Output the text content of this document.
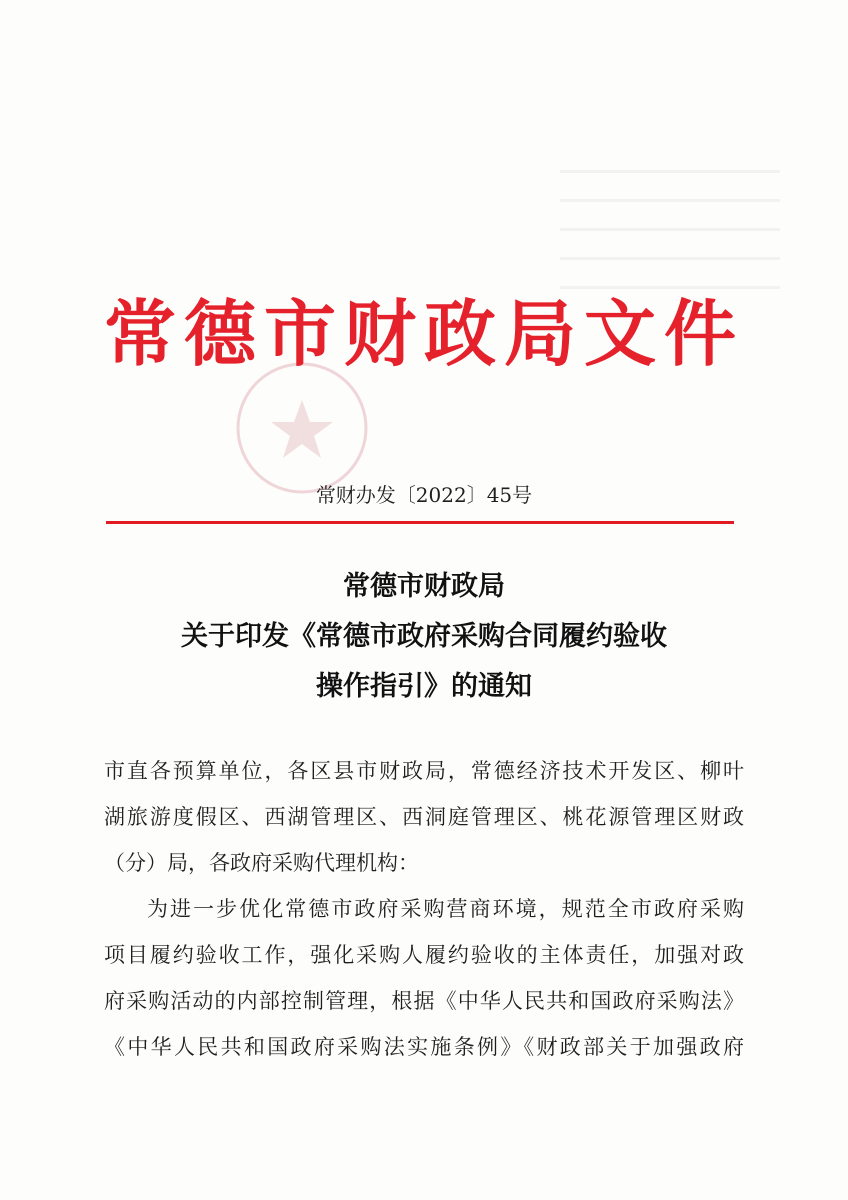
常德市财政局文件
常财办发〔2022〕45号
常德市财政局
关于印发《常德市政府采购合同履约验收
操作指引》的通知
市直各预算单位，各区县市财政局，常德经济技术开发区、柳叶
湖旅游度假区、西湖管理区、西洞庭管理区、桃花源管理区财政
（分）局，各政府采购代理机构：
为进一步优化常德市政府采购营商环境，规范全市政府采购
项目履约验收工作，强化采购人履约验收的主体责任，加强对政
府采购活动的内部控制管理，根据《中华人民共和国政府采购法》
《中华人民共和国政府采购法实施条例》《财政部关于加强政府
